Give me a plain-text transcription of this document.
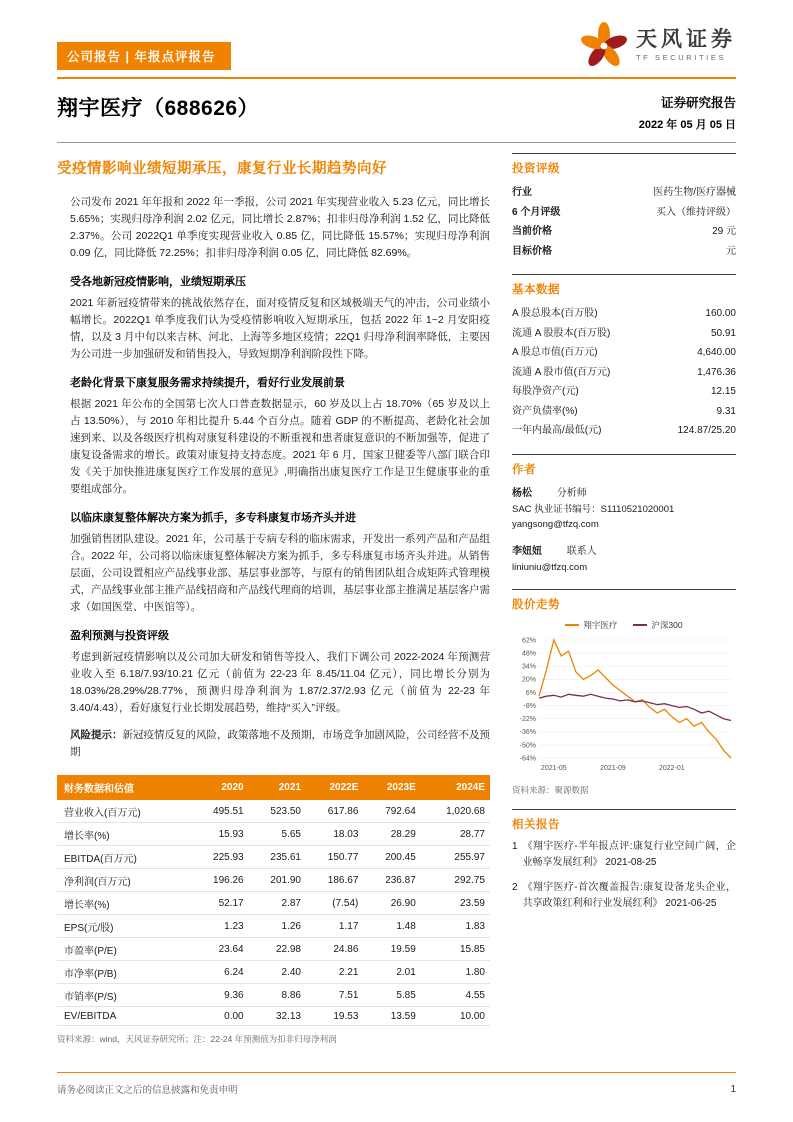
公司报告 | 年报点评报告
天风证券
TF SECURITIES
翔宇医疗（688626）	证券研究报告
2022 年 05 月 05 日
受疫情影响业绩短期承压，康复行业长期趋势向好

公司发布 2021 年年报和 2022 年一季报，公司 2021 年实现营业收入 5.23 亿元，同比增长 5.65%；实现归母净利润 2.02 亿元，同比增长 2.87%；扣非归母净利润 1.52 亿，同比降低 2.37%。公司 2022Q1 单季度实现营业收入 0.85 亿，同比降低 15.57%；实现归母净利润 0.09 亿，同比降低 72.25%；扣非归母净利润 0.05 亿，同比降低 82.69%。

受各地新冠疫情影响，业绩短期承压

2021 年新冠疫情带来的挑战依然存在，面对疫情反复和区域极端天气的冲击，公司业绩小幅增长。2022Q1 单季度我们认为受疫情影响收入短期承压，包括 2022 年 1~2 月安阳疫情，以及 3 月中旬以来吉林、河北、上海等多地区疫情；22Q1 归母净利润率降低，主要因为公司进一步加强研发和销售投入，导致短期净利润阶段性下降。

老龄化背景下康复服务需求持续提升，看好行业发展前景

根据 2021 年公布的全国第七次人口普查数据显示，60 岁及以上占 18.70%（65 岁及以上占 13.50%），与 2010 年相比提升 5.44 个百分点。随着 GDP 的不断提高、老龄化社会加速到来、以及各级医疗机构对康复科建设的不断重视和患者康复意识的不断加强等，促进了康复设备需求的增长。政策对康复持支持态度。2021 年 6 月，国家卫健委等八部门联合印发《关于加快推进康复医疗工作发展的意见》,明确指出康复医疗工作是卫生健康事业的重要组成部分。

以临床康复整体解决方案为抓手，多专科康复市场齐头并进

加强销售团队建设。2021 年，公司基于专病专科的临床需求，开发出一系列产品和产品组合。2022 年，公司将以临床康复整体解决方案为抓手，多专科康复市场齐头并进。从销售层面，公司设置相应产品线事业部、基层事业部等，与原有的销售团队组合成矩阵式管理模式，产品线事业部主推产品线招商和产品线代理商的培训，基层事业部主推满足基层客户需求（如国医堂、中医馆等）。

盈利预测与投资评级

考虑到新冠疫情影响以及公司加大研发和销售等投入，我们下调公司 2022-2024 年预测营业收入至 6.18/7.93/10.21 亿元（前值为 22-23 年 8.45/11.04 亿元），同比增长分别为 18.03%/28.29%/28.77%，预测归母净利润为 1.87/2.37/2.93 亿元（前值为 22-23 年 3.40/4.43），看好康复行业长期发展趋势，维持“买入”评级。

风险提示：新冠疫情反复的风险，政策落地不及预期，市场竞争加剧风险，公司经营不及预期

财务数据和估值	2020	2021	2022E	2023E	2024E
营业收入(百万元)	495.51	523.50	617.86	792.64	1,020.68
增长率(%)	15.93	5.65	18.03	28.29	28.77
EBITDA(百万元)	225.93	235.61	150.77	200.45	255.97
净利润(百万元)	196.26	201.90	186.67	236.87	292.75
增长率(%)	52.17	2.87	(7.54)	26.90	23.59
EPS(元/股)	1.23	1.26	1.17	1.48	1.83
市盈率(P/E)	23.64	22.98	24.86	19.59	15.85
市净率(P/B)	6.24	2.40	2.21	2.01	1.80
市销率(P/S)	9.36	8.86	7.51	5.85	4.55
EV/EBITDA	0.00	32.13	19.53	13.59	10.00
资料来源：wind，天风证券研究所；注：22-24 年预测值为扣非归母净利润
投资评级
行业	医药生物/医疗器械
6 个月评级	买入（维持评级）
当前价格	29 元
目标价格	元
基本数据
A 股总股本(百万股)	160.00
流通 A 股股本(百万股)	50.91
A 股总市值(百万元)	4,640.00
流通 A 股市值(百万元)	1,476.36
每股净资产(元)	12.15
资产负债率(%)	9.31
一年内最高/最低(元)	124.87/25.20
作者
杨松 分析师
SAC 执业证书编号：S1110521020001
yangsong@tfzq.com
李妞妞 联系人
liniuniu@tfzq.com
股价走势
翔宇医疗	沪深300
62%
48%
34%
20%
6%
-8%
-22%
-36%
-50%
-64%
2021-05	2021-09	2022-01
资料来源：聚源数据
相关报告
1 《翔宇医疗-半年报点评:康复行业空间广阔，企业畅享发展红利》 2021-08-25
2 《翔宇医疗-首次覆盖报告:康复设备龙头企业，共享政策红利和行业发展红利》 2021-06-25
请务必阅读正文之后的信息披露和免责申明	1
